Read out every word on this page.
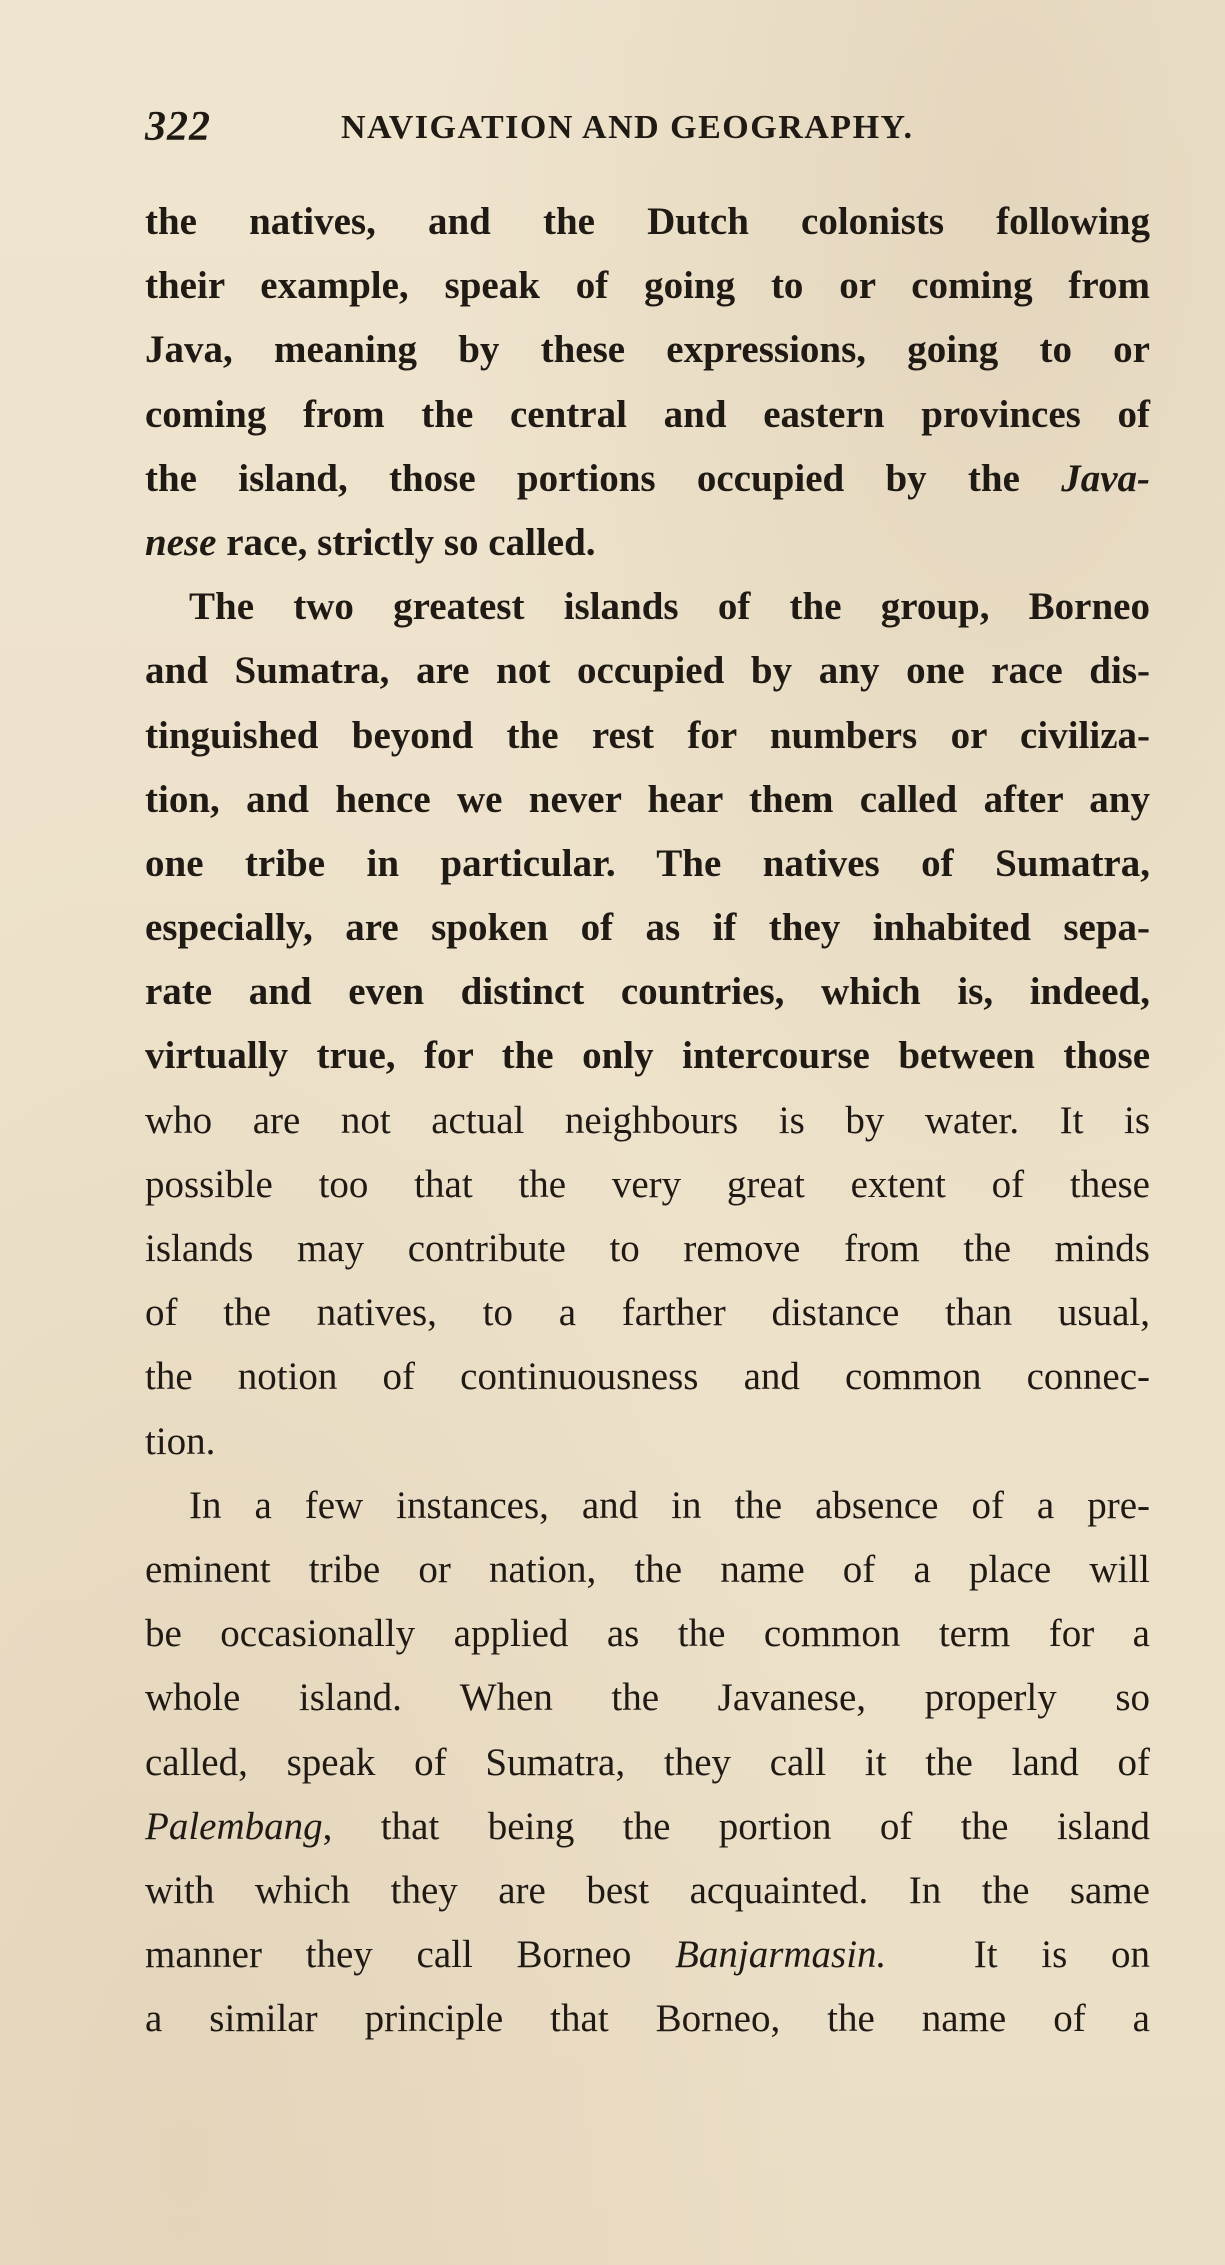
322	NAVIGATION AND GEOGRAPHY.

the natives, and the Dutch colonists following
their example, speak of going to or coming from
Java, meaning by these expressions, going to or
coming from the central and eastern provinces of
the island, those portions occupied by the Java-
nese race, strictly so called.

The two greatest islands of the group, Borneo
and Sumatra, are not occupied by any one race dis-
tinguished beyond the rest for numbers or civiliza-
tion, and hence we never hear them called after any
one tribe in particular. The natives of Sumatra,
especially, are spoken of as if they inhabited sepa-
rate and even distinct countries, which is, indeed,
virtually true, for the only intercourse between those
who are not actual neighbours is by water. It is
possible too that the very great extent of these
islands may contribute to remove from the minds
of the natives, to a farther distance than usual,
the notion of continuousness and common connec-
tion.

In a few instances, and in the absence of a pre-
eminent tribe or nation, the name of a place will
be occasionally applied as the common term for a
whole island. When the Javanese, properly so
called, speak of Sumatra, they call it the land of
Palembang, that being the portion of the island
with which they are best acquainted. In the same
manner they call Borneo Banjarmasin. It is on
a similar principle that Borneo, the name of a
